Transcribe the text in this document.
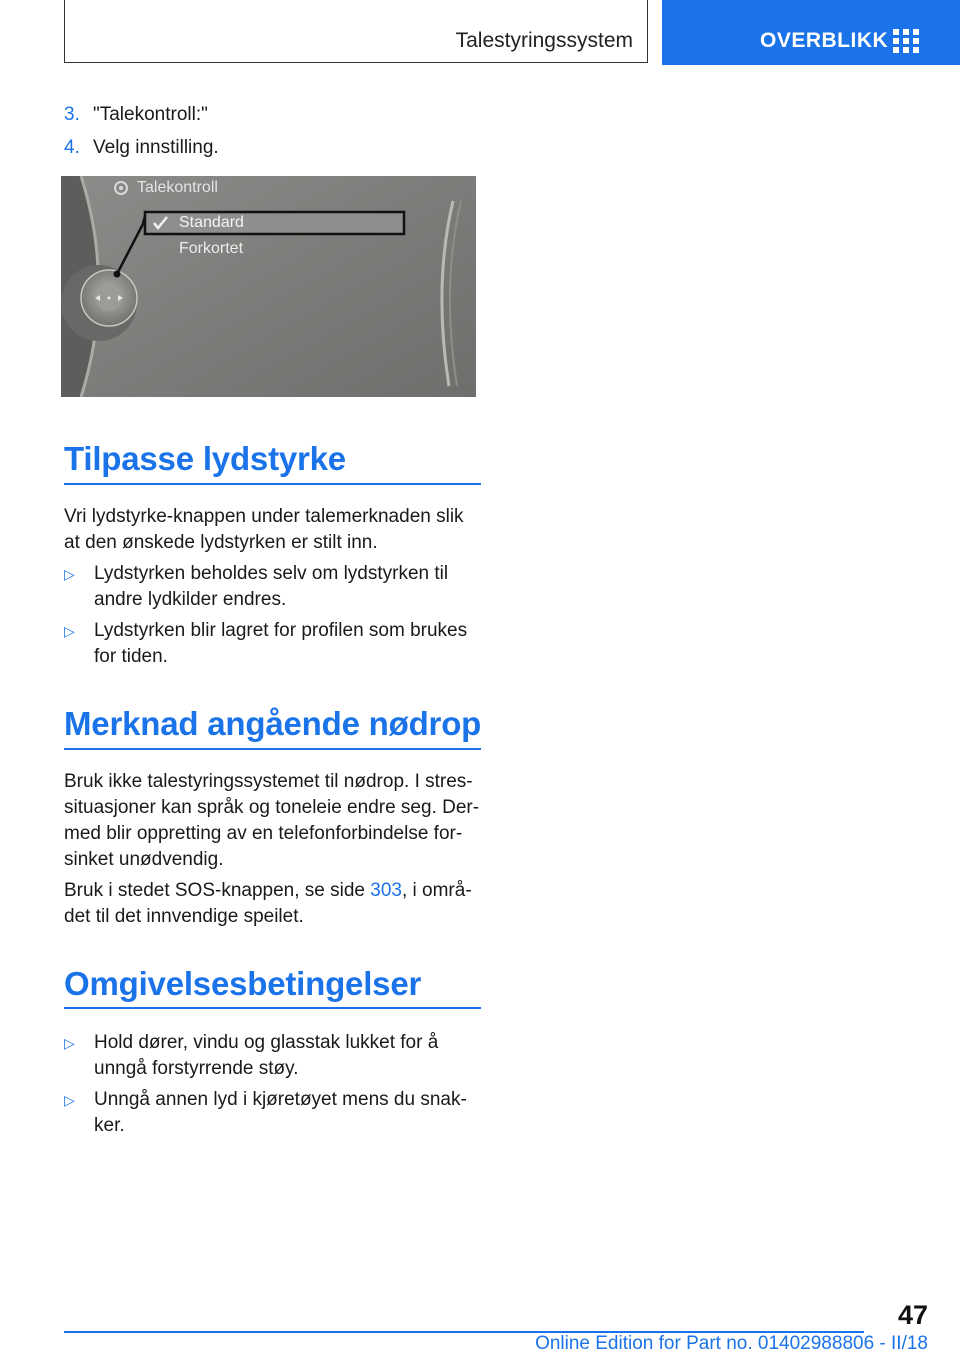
Talestyringssystem	OVERBLIKK
3. "Talekontroll:"
4. Velg innstilling.
Talekontroll
Standard
Forkortet
Tilpasse lydstyrke
Vri lydstyrke-knappen under talemerknaden slik at den ønskede lydstyrken er stilt inn.
▷ Lydstyrken beholdes selv om lydstyrken til andre lydkilder endres.
▷ Lydstyrken blir lagret for profilen som brukes for tiden.
Merknad angående nødrop
Bruk ikke talestyringssystemet til nødrop. I stres‐situasjoner kan språk og toneleie endre seg. Der‐med blir oppretting av en telefonforbindelse for‐sinket unødvendig.
Bruk i stedet SOS-knappen, se side 303, i områ‐det til det innvendige speilet.
Omgivelsesbetingelser
▷ Hold dører, vindu og glasstak lukket for å unngå forstyrrende støy.
▷ Unngå annen lyd i kjøretøyet mens du snak‐ker.
47
Online Edition for Part no. 01402988806 - II/18
